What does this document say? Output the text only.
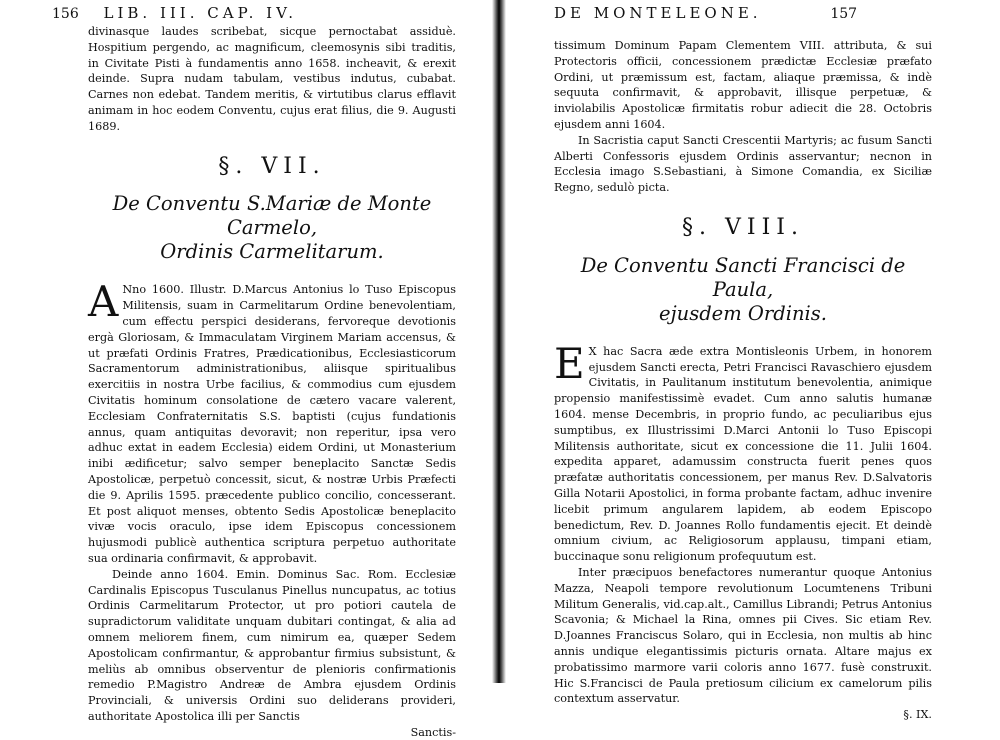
156 LIB. III. CAP. IV.

divinasque laudes scribebat, sicque pernoctabat assiduè. Hospitium pergendo, ac magnificum, cleemosynis sibi traditis, in Civitate Pisti à fundamentis anno 1658. incheavit, & erexit deinde. Supra nudam tabulam, vestibus indutus, cubabat. Carnes non edebat. Tandem meritis, & virtutibus clarus efflavit animam in hoc eodem Conventu, cujus erat filius, die 9. Augusti 1689.

§. VII.

De Conventu S.Mariæ de Monte Carmelo,

Ordinis Carmelitarum.

A Nno 1600. Illustr. D.Marcus Antonius lo Tuso Episcopus Militensis, suam in Carmelitarum Ordine benevolentiam, cum effectu perspici desiderans, fervoreque devotionis ergà Gloriosam, & Immaculatam Virginem Mariam accensus, & ut præfati Ordinis Fratres, Prædicationibus, Ecclesiasticorum Sacramentorum administrationibus, aliisque spiritualibus exercitiis in nostra Urbe facilius, & commodius cum ejusdem Civitatis hominum consolatione de cætero vacare valerent, Ecclesiam Confraternitatis S.S. baptisti (cujus fundationis annus, quam antiquitas devoravit; non reperitur, ipsa vero adhuc extat in eadem Ecclesia) eidem Ordini, ut Monasterium inibi ædificetur; salvo semper beneplacito Sanctæ Sedis Apostolicæ, perpetuò concessit, sicut, & nostræ Urbis Præfecti die 9. Aprilis 1595. præcedente publico concilio, concesserant. Et post aliquot menses, obtento Sedis Apostolicæ beneplacito vivæ vocis oraculo, ipse idem Episcopus concessionem hujusmodi publicè authentica scriptura perpetuo authoritate sua ordinaria confirmavit, & approbavit.

Deinde anno 1604. Emin. Dominus Sac. Rom. Ecclesiæ Cardinalis Episcopus Tusculanus Pinellus nuncupatus, ac totius Ordinis Carmelitarum Protector, ut pro potiori cautela de supradictorum validitate unquam dubitari contingat, & alia ad omnem meliorem finem, cum nimirum ea, quæper Sedem Apostolicam confirmantur, & approbantur firmius subsistunt, & meliùs ab omnibus observentur de plenioris confirmationis remedio P.Magistro Andreæ de Ambra ejusdem Ordinis Provinciali, & universis Ordini suo deliderans provideri, authoritate Apostolica illi per Sanctis

Sanctis-

DE MONTELEONE.	157

tissimum Dominum Papam Clementem VIII. attributa, & sui Protectoris officii, concessionem prædictæ Ecclesiæ præfato Ordini, ut præmissum est, factam, aliaque præmissa, & indè sequuta confirmavit, & approbavit, illisque perpetuæ, & inviolabilis Apostolicæ firmitatis robur adiecit die 28. Octobris ejusdem anni 1604.

In Sacristia caput Sancti Crescentii Martyris; ac fusum Sancti Alberti Confessoris ejusdem Ordinis asservantur; necnon in Ecclesia imago S.Sebastiani, à Simone Comandia, ex Siciliæ Regno, sedulò picta.

§. VIII.

De Conventu Sancti Francisci de Paula,

ejusdem Ordinis.

E X hac Sacra æde extra Montisleonis Urbem, in honorem ejusdem Sancti erecta, Petri Francisci Ravaschiero ejusdem Civitatis, in Paulitanum institutum benevolentia, animique propensio manifestissimè evadet. Cum anno salutis humanæ 1604. mense Decembris, in proprio fundo, ac peculiaribus ejus sumptibus, ex Illustrissimi D.Marci Antonii lo Tuso Episcopi Militensis authoritate, sicut ex concessione die 11. Julii 1604. expedita apparet, adamussim constructa fuerit penes quos præfatæ authoritatis concessionem, per manus Rev. D.Salvatoris Gilla Notarii Apostolici, in forma probante factam, adhuc invenire licebit primum angularem lapidem, ab eodem Episcopo benedictum, Rev. D. Joannes Rollo fundamentis ejecit. Et deindè omnium civium, ac Religiosorum applausu, timpani etiam, buccinaque sonu religionum profequutum est.

Inter præcipuos benefactores numerantur quoque Antonius Mazza, Neapoli tempore revolutionum Locumtenens Tribuni Militum Generalis, vid.cap.alt., Camillus Librandi; Petrus Antonius Scavonia; & Michael la Rina, omnes pii Cives. Sic etiam Rev. D.Joannes Franciscus Solaro, qui in Ecclesia, non multis ab hinc annis undique elegantissimis picturis ornata. Altare majus ex probatissimo marmore varii coloris anno 1677. fusè construxit. Hic S.Francisci de Paula pretiosum cilicium ex camelorum pilis contextum asservatur.

§. IX.
